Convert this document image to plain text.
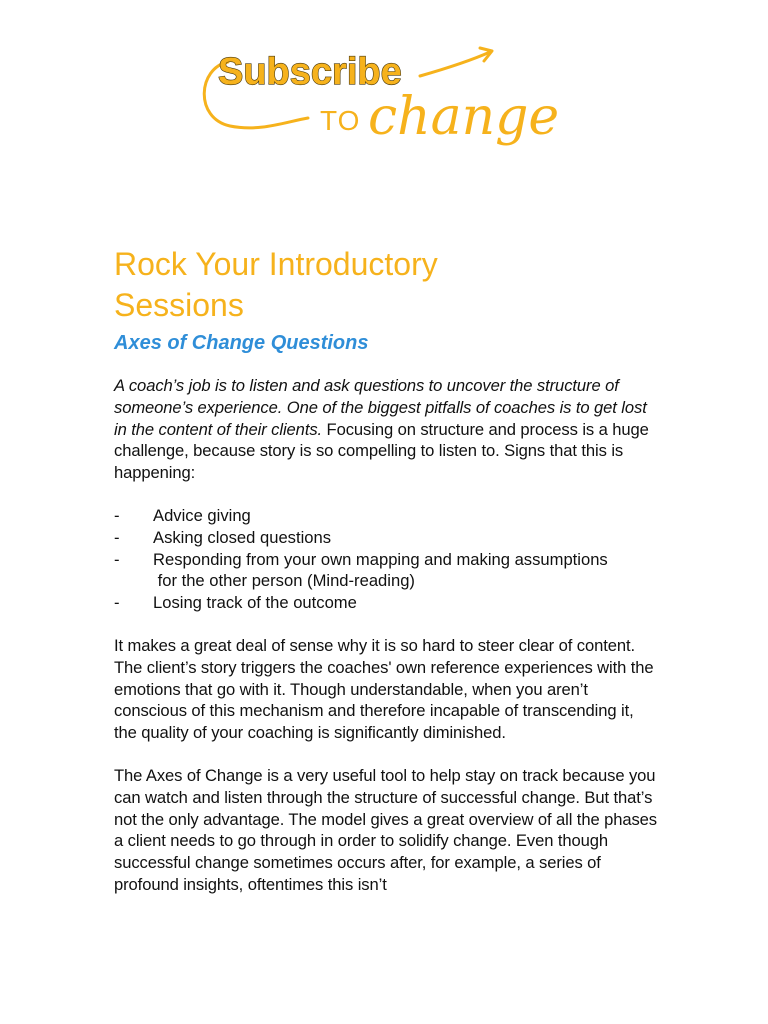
Subscribe
TO change
Rock Your Introductory
Sessions
Axes of Change Questions

A coach’s job is to listen and ask questions to uncover the structure of someone’s experience. One of the biggest pitfalls of coaches is to get lost in the content of their clients. Focusing on structure and process is a huge challenge, because story is so compelling to listen to. Signs that this is happening:

- Advice giving
- Asking closed questions
- Responding from your own mapping and making assumptions
for the other person (Mind-reading)
- Losing track of the outcome

It makes a great deal of sense why it is so hard to steer clear of content. The client’s story triggers the coaches' own reference experiences with the emotions that go with it. Though understandable, when you aren’t conscious of this mechanism and therefore incapable of transcending it, the quality of your coaching is significantly diminished.

The Axes of Change is a very useful tool to help stay on track because you can watch and listen through the structure of successful change. But that’s not the only advantage. The model gives a great overview of all the phases a client needs to go through in order to solidify change. Even though successful change sometimes occurs after, for example, a series of profound insights, oftentimes this isn’t
